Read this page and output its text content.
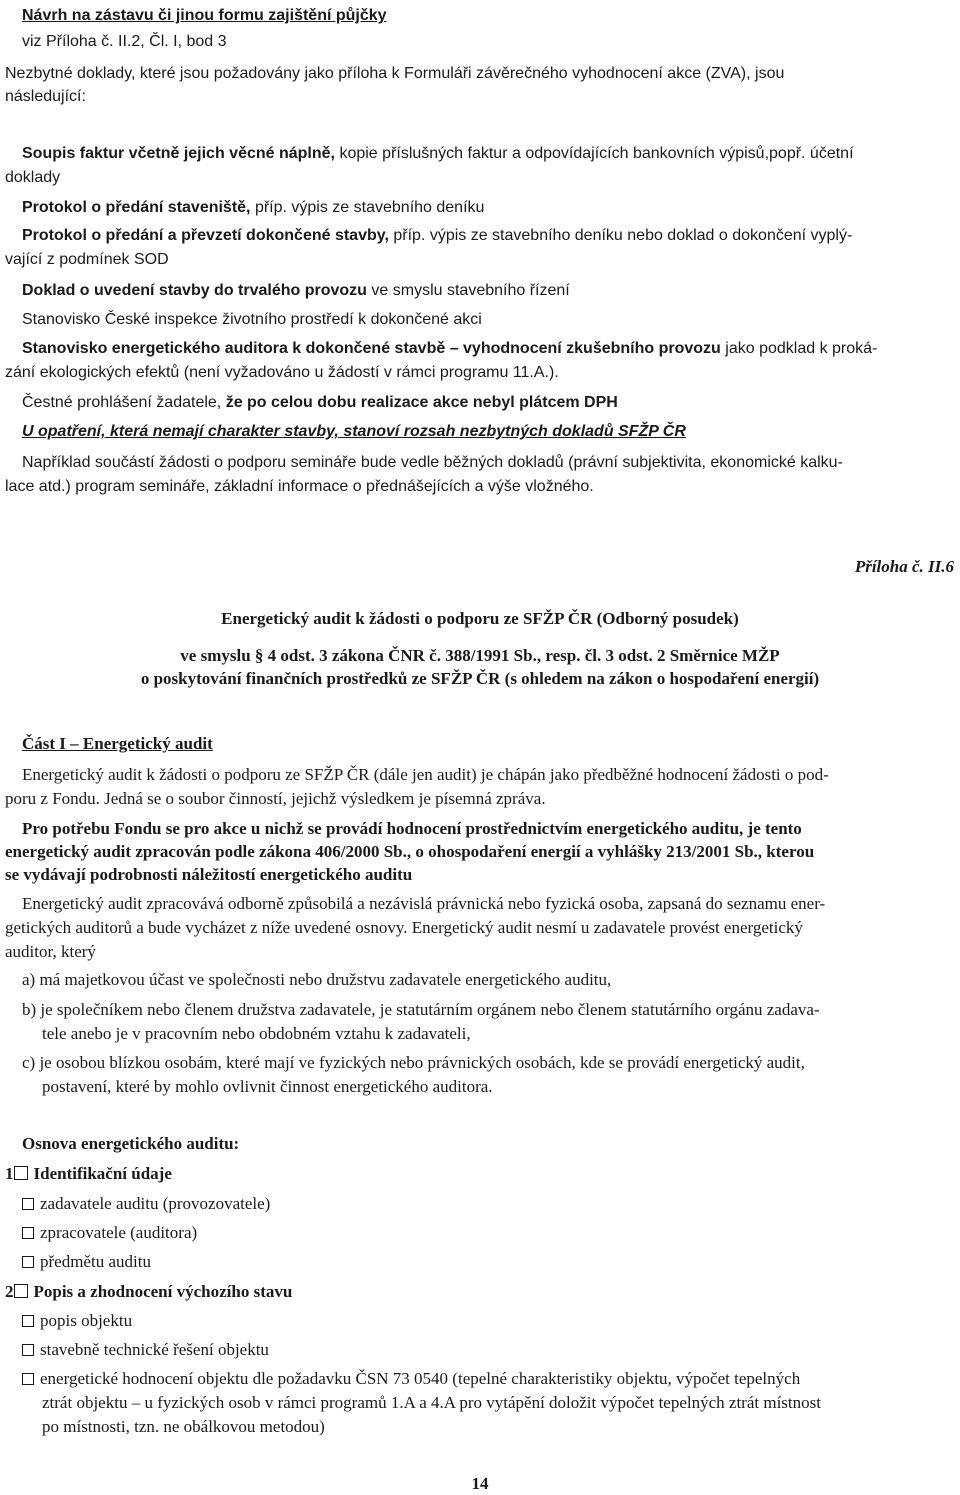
Návrh na zástavu či jinou formu zajištění půjčky
viz Příloha č. II.2, Čl. I, bod 3
Nezbytné doklady, které jsou požadovány jako příloha k Formuláři závěrečného vyhodnocení akce (ZVA), jsou
následující:
Soupis faktur včetně jejich věcné náplně, kopie příslušných faktur a odpovídajících bankovních výpisů,popř. účetní
doklady
Protokol o předání staveniště, příp. výpis ze stavebního deníku
Protokol o předání a převzetí dokončené stavby, příp. výpis ze stavebního deníku nebo doklad o dokončení vyplý-
vající z podmínek SOD
Doklad o uvedení stavby do trvalého provozu ve smyslu stavebního řízení
Stanovisko České inspekce životního prostředí k dokončené akci
Stanovisko energetického auditora k dokončené stavbě – vyhodnocení zkušebního provozu jako podklad k proká-
zání ekologických efektů (není vyžadováno u žádostí v rámci programu 11.A.).
Čestné prohlášení žadatele, že po celou dobu realizace akce nebyl plátcem DPH
U opatření, která nemají charakter stavby, stanoví rozsah nezbytných dokladů SFŽP ČR
Například součástí žádosti o podporu semináře bude vedle běžných dokladů (právní subjektivita, ekonomické kalku-
lace atd.) program semináře, základní informace o přednášejících a výše vložného.
Příloha č. II.6
Energetický audit k žádosti o podporu ze SFŽP ČR (Odborný posudek)
ve smyslu § 4 odst. 3 zákona ČNR č. 388/1991 Sb., resp. čl. 3 odst. 2 Směrnice MŽP
o poskytování finančních prostředků ze SFŽP ČR (s ohledem na zákon o hospodaření energií)
Část I – Energetický audit
Energetický audit k žádosti o podporu ze SFŽP ČR (dále jen audit) je chápán jako předběžné hodnocení žádosti o pod-
poru z Fondu. Jedná se o soubor činností, jejichž výsledkem je písemná zpráva.
Pro potřebu Fondu se pro akce u nichž se provádí hodnocení prostřednictvím energetického auditu, je tento
energetický audit zpracován podle zákona 406/2000 Sb., o ohospodaření energií a vyhlášky 213/2001 Sb., kterou
se vydávají podrobnosti náležitostí energetického auditu
Energetický audit zpracovává odborně způsobilá a nezávislá právnická nebo fyzická osoba, zapsaná do seznamu ener-
getických auditorů a bude vycházet z níže uvedené osnovy. Energetický audit nesmí u zadavatele provést energetický
auditor, který
a) má majetkovou účast ve společnosti nebo družstvu zadavatele energetického auditu,
b) je společníkem nebo členem družstva zadavatele, je statutárním orgánem nebo členem statutárního orgánu zadava-
tele anebo je v pracovním nebo obdobném vztahu k zadavateli,
c) je osobou blízkou osobám, které mají ve fyzických nebo právnických osobách, kde se provádí energetický audit,
postavení, které by mohlo ovlivnit činnost energetického auditora.
Osnova energetického auditu:
1 Identifikační údaje
zadavatele auditu (provozovatele)
zpracovatele (auditora)
předmětu auditu
2 Popis a zhodnocení výchozího stavu
popis objektu
stavebně technické řešení objektu
energetické hodnocení objektu dle požadavku ČSN 73 0540 (tepelné charakteristiky objektu, výpočet tepelných
ztrát objektu – u fyzických osob v rámci programů 1.A a 4.A pro vytápění doložit výpočet tepelných ztrát místnost
po místnosti, tzn. ne obálkovou metodou)
14
